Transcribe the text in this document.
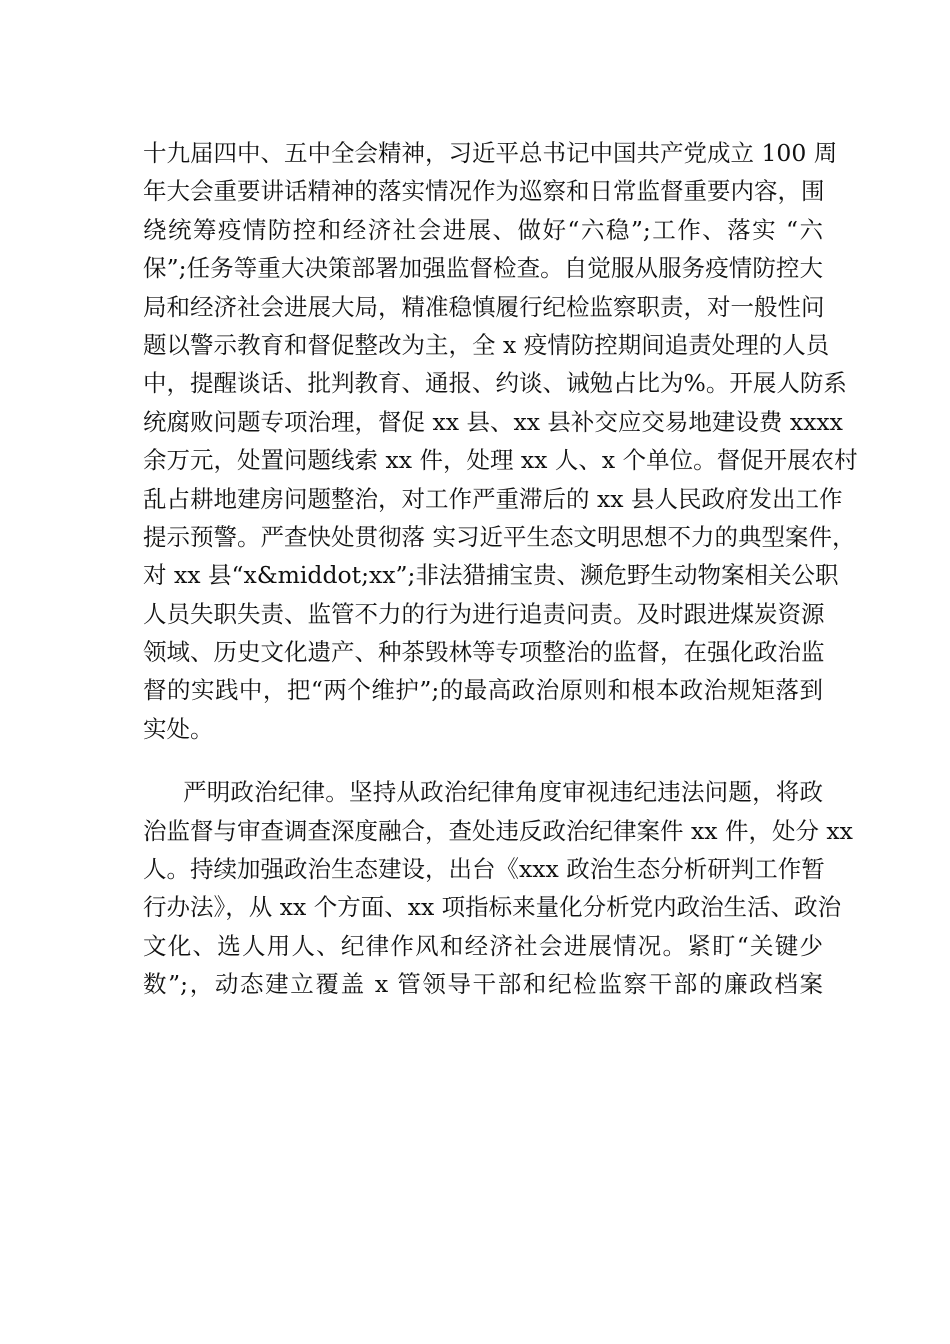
十九届四中、五中全会精神，习近平总书记中国共产党成立 100 周
年大会重要讲话精神的落实情况作为巡察和日常监督重要内容，围
绕统筹疫情防控和经济社会进展、做好“六稳”;工作、落实 “六
保”;任务等重大决策部署加强监督检查。自觉服从服务疫情防控大
局和经济社会进展大局，精准稳慎履行纪检监察职责，对一般性问
题以警示教育和督促整改为主，全 x 疫情防控期间追责处理的人员
中，提醒谈话、批判教育、通报、约谈、诫勉占比为%。开展人防系
统腐败问题专项治理，督促 xx 县、xx 县补交应交易地建设费 xxxx
余万元，处置问题线索 xx 件，处理 xx 人、x 个单位。督促开展农村
乱占耕地建房问题整治，对工作严重滞后的 xx 县人民政府发出工作
提示预警。严查快处贯彻落 实习近平生态文明思想不力的典型案件，
对 xx 县“x&middot;xx”;非法猎捕宝贵、濒危野生动物案相关公职
人员失职失责、监管不力的行为进行追责问责。及时跟进煤炭资源
领域、历史文化遗产、种茶毁林等专项整治的监督，在强化政治监
督的实践中，把“两个维护”;的最高政治原则和根本政治规矩落到
实处。
严明政治纪律。坚持从政治纪律角度审视违纪违法问题，将政
治监督与审查调查深度融合，查处违反政治纪律案件 xx 件，处分 xx
人。持续加强政治生态建设，出台《xxx 政治生态分析研判工作暂
行办法》，从 xx 个方面、xx 项指标来量化分析党内政治生活、政治
文化、选人用人、纪律作风和经济社会进展情况。紧盯“关键少
数”;，动态建立覆盖 x 管领导干部和纪检监察干部的廉政档案
